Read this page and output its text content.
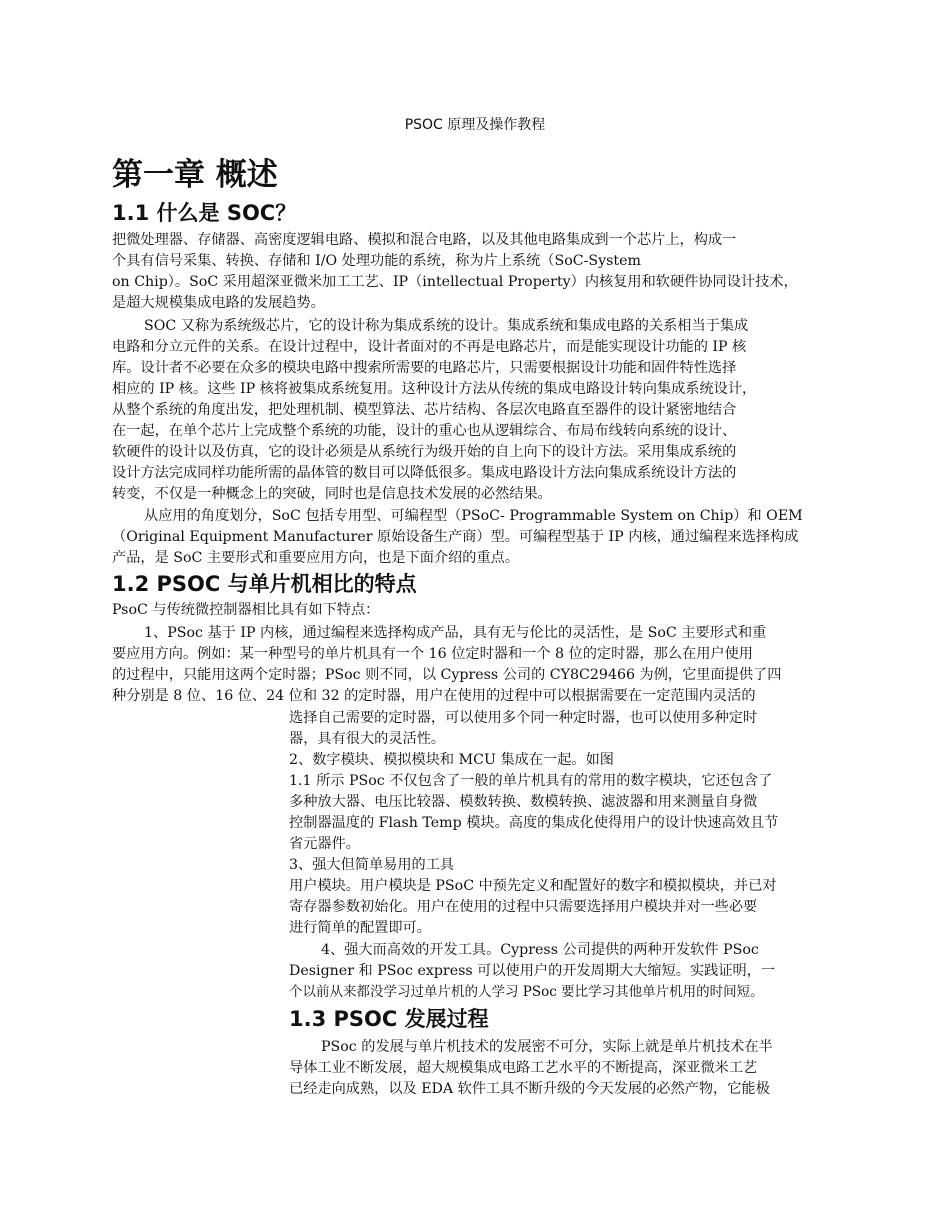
PSOC 原理及操作教程
第一章 概述
1.1 什么是 SOC？
把微处理器、存储器、高密度逻辑电路、模拟和混合电路，以及其他电路集成到一个芯片上，构成一
个具有信号采集、转换、存储和 I/O 处理功能的系统，称为片上系统（SoC-System
on Chip）。SoC 采用超深亚微米加工工艺、IP（intellectual Property）内核复用和软硬件协同设计技术，
是超大规模集成电路的发展趋势。
SOC 又称为系统级芯片，它的设计称为集成系统的设计。集成系统和集成电路的关系相当于集成
电路和分立元件的关系。在设计过程中，设计者面对的不再是电路芯片，而是能实现设计功能的 IP 核
库。设计者不必要在众多的模块电路中搜索所需要的电路芯片，只需要根据设计功能和固件特性选择
相应的 IP 核。这些 IP 核将被集成系统复用。这种设计方法从传统的集成电路设计转向集成系统设计，
从整个系统的角度出发，把处理机制、模型算法、芯片结构、各层次电路直至器件的设计紧密地结合
在一起，在单个芯片上完成整个系统的功能，设计的重心也从逻辑综合、布局布线转向系统的设计、
软硬件的设计以及仿真，它的设计必须是从系统行为级开始的自上向下的设计方法。采用集成系统的
设计方法完成同样功能所需的晶体管的数目可以降低很多。集成电路设计方法向集成系统设计方法的
转变，不仅是一种概念上的突破，同时也是信息技术发展的必然结果。
从应用的角度划分，SoC 包括专用型、可编程型（PSoC- Programmable System on Chip）和 OEM
（Original Equipment Manufacturer 原始设备生产商）型。可编程型基于 IP 内核，通过编程来选择构成
产品，是 SoC 主要形式和重要应用方向，也是下面介绍的重点。
1.2 PSOC 与单片机相比的特点
PsoC 与传统微控制器相比具有如下特点：
1、PSoc 基于 IP 内核，通过编程来选择构成产品，具有无与伦比的灵活性，是 SoC 主要形式和重
要应用方向。例如：某一种型号的单片机具有一个 16 位定时器和一个 8 位的定时器，那么在用户使用
的过程中，只能用这两个定时器；PSoc 则不同，以 Cypress 公司的 CY8C29466 为例，它里面提供了四
种分别是 8 位、16 位、24 位和 32 的定时器，用户在使用的过程中可以根据需要在一定范围内灵活的
选择自己需要的定时器，可以使用多个同一种定时器，也可以使用多种定时
器，具有很大的灵活性。
2、数字模块、模拟模块和 MCU 集成在一起。如图
1.1 所示 PSoc 不仅包含了一般的单片机具有的常用的数字模块，它还包含了
多种放大器、电压比较器、模数转换、数模转换、滤波器和用来测量自身微
控制器温度的 Flash Temp 模块。高度的集成化使得用户的设计快速高效且节
省元器件。
3、强大但简单易用的工具
用户模块。用户模块是 PSoC 中预先定义和配置好的数字和模拟模块，并已对
寄存器参数初始化。用户在使用的过程中只需要选择用户模块并对一些必要
进行简单的配置即可。
4、强大而高效的开发工具。Cypress 公司提供的两种开发软件 PSoc
Designer 和 PSoc express 可以使用户的开发周期大大缩短。实践证明，一
个以前从来都没学习过单片机的人学习 PSoc 要比学习其他单片机用的时间短。
1.3 PSOC 发展过程
PSoc 的发展与单片机技术的发展密不可分，实际上就是单片机技术在半
导体工业不断发展，超大规模集成电路工艺水平的不断提高，深亚微米工艺
已经走向成熟，以及 EDA 软件工具不断升级的今天发展的必然产物，它能极
